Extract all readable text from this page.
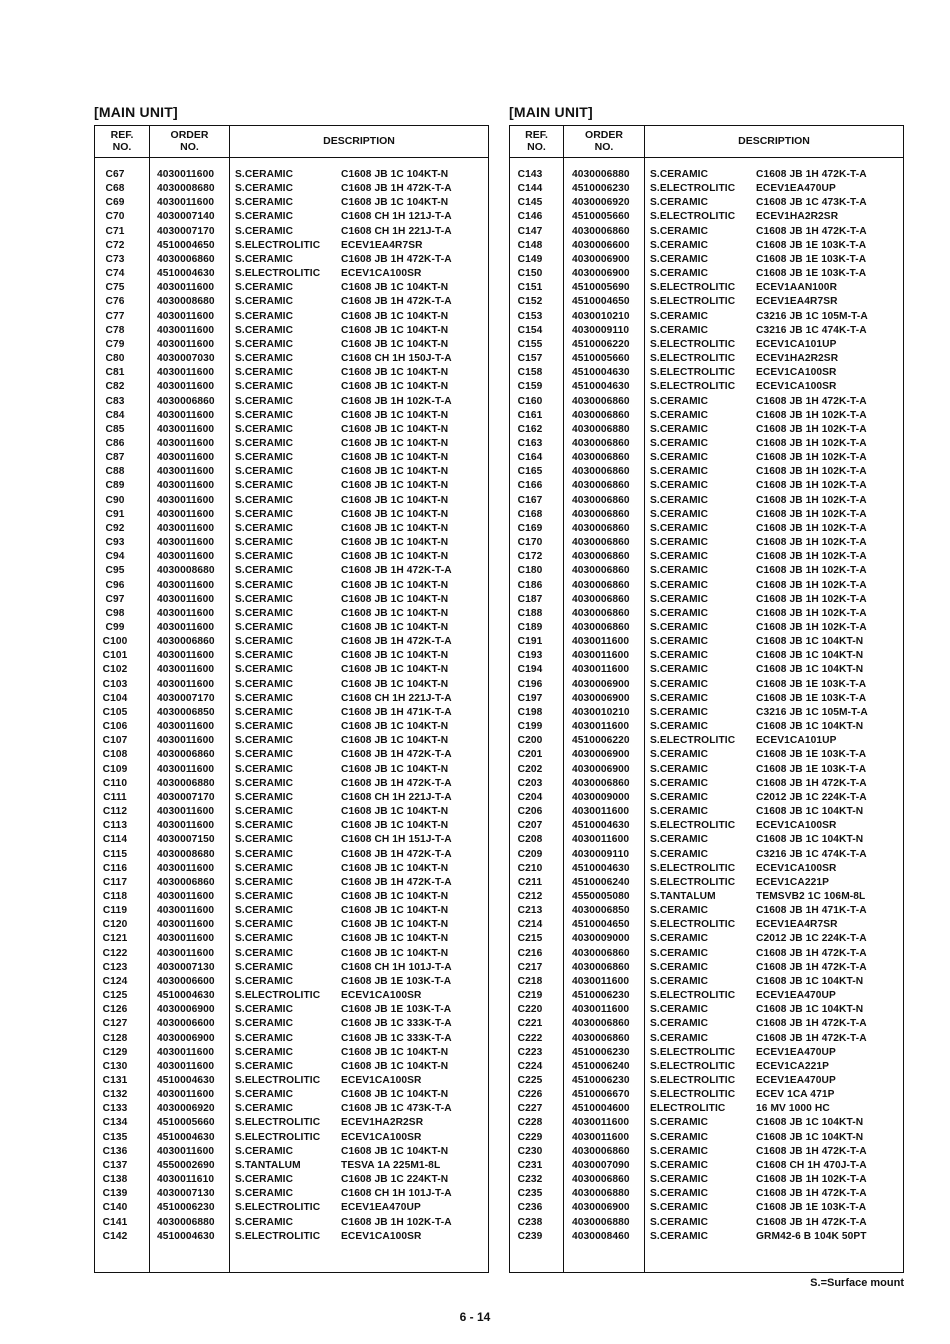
[MAIN UNIT]	[MAIN UNIT]
REF.
NO.
ORDER
NO.	DESCRIPTION
C67	4030011600 S.CERAMIC	C1608 JB 1C 104KT-N
C68	4030008680 S.CERAMIC	C1608 JB 1H 472K-T-A
C69	4030011600 S.CERAMIC	C1608 JB 1C 104KT-N
C70	4030007140 S.CERAMIC	C1608 CH 1H 121J-T-A
C71	4030007170 S.CERAMIC	C1608 CH 1H 221J-T-A
C72	4510004650 S.ELECTROLITIC ECEV1EA4R7SR
C73	4030006860 S.CERAMIC	C1608 JB 1H 472K-T-A
C74	4510004630 S.ELECTROLITIC ECEV1CA100SR
C75	4030011600 S.CERAMIC	C1608 JB 1C 104KT-N
C76	4030008680 S.CERAMIC	C1608 JB 1H 472K-T-A
C77	4030011600 S.CERAMIC	C1608 JB 1C 104KT-N
C78	4030011600 S.CERAMIC	C1608 JB 1C 104KT-N
C79	4030011600 S.CERAMIC	C1608 JB 1C 104KT-N
C80	4030007030 S.CERAMIC	C1608 CH 1H 150J-T-A
C81	4030011600 S.CERAMIC	C1608 JB 1C 104KT-N
C82	4030011600 S.CERAMIC	C1608 JB 1C 104KT-N
C83	4030006860 S.CERAMIC	C1608 JB 1H 102K-T-A
C84	4030011600 S.CERAMIC	C1608 JB 1C 104KT-N
C85	4030011600 S.CERAMIC	C1608 JB 1C 104KT-N
C86	4030011600 S.CERAMIC	C1608 JB 1C 104KT-N
C87	4030011600 S.CERAMIC	C1608 JB 1C 104KT-N
C88	4030011600 S.CERAMIC	C1608 JB 1C 104KT-N
C89	4030011600 S.CERAMIC	C1608 JB 1C 104KT-N
C90	4030011600 S.CERAMIC	C1608 JB 1C 104KT-N
C91	4030011600 S.CERAMIC	C1608 JB 1C 104KT-N
C92	4030011600 S.CERAMIC	C1608 JB 1C 104KT-N
C93	4030011600 S.CERAMIC	C1608 JB 1C 104KT-N
C94	4030011600 S.CERAMIC	C1608 JB 1C 104KT-N
C95	4030008680 S.CERAMIC	C1608 JB 1H 472K-T-A
C96	4030011600 S.CERAMIC	C1608 JB 1C 104KT-N
C97	4030011600 S.CERAMIC	C1608 JB 1C 104KT-N
C98	4030011600 S.CERAMIC	C1608 JB 1C 104KT-N
C99	4030011600 S.CERAMIC	C1608 JB 1C 104KT-N
C100	4030006860 S.CERAMIC	C1608 JB 1H 472K-T-A
C101	4030011600 S.CERAMIC	C1608 JB 1C 104KT-N
C102	4030011600 S.CERAMIC	C1608 JB 1C 104KT-N
C103	4030011600 S.CERAMIC	C1608 JB 1C 104KT-N
C104	4030007170 S.CERAMIC	C1608 CH 1H 221J-T-A
C105	4030006850 S.CERAMIC	C1608 JB 1H 471K-T-A
C106	4030011600 S.CERAMIC	C1608 JB 1C 104KT-N
C107	4030011600 S.CERAMIC	C1608 JB 1C 104KT-N
C108	4030006860 S.CERAMIC	C1608 JB 1H 472K-T-A
C109	4030011600 S.CERAMIC	C1608 JB 1C 104KT-N
C110	4030006880 S.CERAMIC	C1608 JB 1H 472K-T-A
C111	4030007170 S.CERAMIC	C1608 CH 1H 221J-T-A
C112	4030011600 S.CERAMIC	C1608 JB 1C 104KT-N
C113	4030011600 S.CERAMIC	C1608 JB 1C 104KT-N
C114	4030007150 S.CERAMIC	C1608 CH 1H 151J-T-A
C115	4030008680 S.CERAMIC	C1608 JB 1H 472K-T-A
C116	4030011600 S.CERAMIC	C1608 JB 1C 104KT-N
C117	4030006860 S.CERAMIC	C1608 JB 1H 472K-T-A
C118	4030011600 S.CERAMIC	C1608 JB 1C 104KT-N
C119	4030011600 S.CERAMIC	C1608 JB 1C 104KT-N
C120	4030011600 S.CERAMIC	C1608 JB 1C 104KT-N
C121	4030011600 S.CERAMIC	C1608 JB 1C 104KT-N
C122	4030011600 S.CERAMIC	C1608 JB 1C 104KT-N
C123	4030007130 S.CERAMIC	C1608 CH 1H 101J-T-A
C124	4030006600 S.CERAMIC	C1608 JB 1E 103K-T-A
C125	4510004630 S.ELECTROLITIC ECEV1CA100SR
C126	4030006900 S.CERAMIC	C1608 JB 1E 103K-T-A
C127	4030006600 S.CERAMIC	C1608 JB 1C 333K-T-A
C128	4030006900 S.CERAMIC	C1608 JB 1C 333K-T-A
C129	4030011600 S.CERAMIC	C1608 JB 1C 104KT-N
C130	4030011600 S.CERAMIC	C1608 JB 1C 104KT-N
C131	4510004630 S.ELECTROLITIC ECEV1CA100SR
C132	4030011600 S.CERAMIC	C1608 JB 1C 104KT-N
C133	4030006920 S.CERAMIC	C1608 JB 1C 473K-T-A
C134	4510005660 S.ELECTROLITIC ECEV1HA2R2SR
C135	4510004630 S.ELECTROLITIC ECEV1CA100SR
C136	4030011600 S.CERAMIC	C1608 JB 1C 104KT-N
C137	4550002690 S.TANTALUM	TESVA 1A 225M1-8L
C138	4030011610 S.CERAMIC	C1608 JB 1C 224KT-N
C139	4030007130 S.CERAMIC	C1608 CH 1H 101J-T-A
C140	4510006230 S.ELECTROLITIC ECEV1EA470UP
C141	4030006880 S.CERAMIC	C1608 JB 1H 102K-T-A
C142	4510004630 S.ELECTROLITIC ECEV1CA100SR
REF.
NO.
ORDER
NO.	DESCRIPTION
C143	4030006880 S.CERAMIC	C1608 JB 1H 472K-T-A
C144	4510006230 S.ELECTROLITIC ECEV1EA470UP
C145	4030006920 S.CERAMIC	C1608 JB 1C 473K-T-A
C146	4510005660 S.ELECTROLITIC ECEV1HA2R2SR
C147	4030006860 S.CERAMIC	C1608 JB 1H 472K-T-A
C148	4030006600 S.CERAMIC	C1608 JB 1E 103K-T-A
C149	4030006900 S.CERAMIC	C1608 JB 1E 103K-T-A
C150	4030006900 S.CERAMIC	C1608 JB 1E 103K-T-A
C151	4510005690 S.ELECTROLITIC ECEV1AAN100R
C152	4510004650 S.ELECTROLITIC ECEV1EA4R7SR
C153	4030010210 S.CERAMIC	C3216 JB 1C 105M-T-A
C154	4030009110 S.CERAMIC	C3216 JB 1C 474K-T-A
C155	4510006220 S.ELECTROLITIC ECEV1CA101UP
C157	4510005660 S.ELECTROLITIC ECEV1HA2R2SR
C158	4510004630 S.ELECTROLITIC ECEV1CA100SR
C159	4510004630 S.ELECTROLITIC ECEV1CA100SR
C160	4030006860 S.CERAMIC	C1608 JB 1H 472K-T-A
C161	4030006860 S.CERAMIC	C1608 JB 1H 102K-T-A
C162	4030006880 S.CERAMIC	C1608 JB 1H 102K-T-A
C163	4030006860 S.CERAMIC	C1608 JB 1H 102K-T-A
C164	4030006860 S.CERAMIC	C1608 JB 1H 102K-T-A
C165	4030006860 S.CERAMIC	C1608 JB 1H 102K-T-A
C166	4030006860 S.CERAMIC	C1608 JB 1H 102K-T-A
C167	4030006860 S.CERAMIC	C1608 JB 1H 102K-T-A
C168	4030006860 S.CERAMIC	C1608 JB 1H 102K-T-A
C169	4030006860 S.CERAMIC	C1608 JB 1H 102K-T-A
C170	4030006860 S.CERAMIC	C1608 JB 1H 102K-T-A
C172	4030006860 S.CERAMIC	C1608 JB 1H 102K-T-A
C180	4030006860 S.CERAMIC	C1608 JB 1H 102K-T-A
C186	4030006860 S.CERAMIC	C1608 JB 1H 102K-T-A
C187	4030006860 S.CERAMIC	C1608 JB 1H 102K-T-A
C188	4030006860 S.CERAMIC	C1608 JB 1H 102K-T-A
C189	4030006860 S.CERAMIC	C1608 JB 1H 102K-T-A
C191	4030011600 S.CERAMIC	C1608 JB 1C 104KT-N
C193	4030011600 S.CERAMIC	C1608 JB 1C 104KT-N
C194	4030011600 S.CERAMIC	C1608 JB 1C 104KT-N
C196	4030006900 S.CERAMIC	C1608 JB 1E 103K-T-A
C197	4030006900 S.CERAMIC	C1608 JB 1E 103K-T-A
C198	4030010210 S.CERAMIC	C3216 JB 1C 105M-T-A
C199	4030011600 S.CERAMIC	C1608 JB 1C 104KT-N
C200	4510006220 S.ELECTROLITIC ECEV1CA101UP
C201	4030006900 S.CERAMIC	C1608 JB 1E 103K-T-A
C202	4030006900 S.CERAMIC	C1608 JB 1E 103K-T-A
C203	4030006860 S.CERAMIC	C1608 JB 1H 472K-T-A
C204	4030009000 S.CERAMIC	C2012 JB 1C 224K-T-A
C206	4030011600 S.CERAMIC	C1608 JB 1C 104KT-N
C207	4510004630 S.ELECTROLITIC ECEV1CA100SR
C208	4030011600 S.CERAMIC	C1608 JB 1C 104KT-N
C209	4030009110 S.CERAMIC	C3216 JB 1C 474K-T-A
C210	4510004630 S.ELECTROLITIC ECEV1CA100SR
C211	4510006240 S.ELECTROLITIC ECEV1CA221P
C212	4550005080 S.TANTALUM	TEMSVB2 1C 106M-8L
C213	4030006850 S.CERAMIC	C1608 JB 1H 471K-T-A
C214	4510004650 S.ELECTROLITIC ECEV1EA4R7SR
C215	4030009000 S.CERAMIC	C2012 JB 1C 224K-T-A
C216	4030006860 S.CERAMIC	C1608 JB 1H 472K-T-A
C217	4030006860 S.CERAMIC	C1608 JB 1H 472K-T-A
C218	4030011600 S.CERAMIC	C1608 JB 1C 104KT-N
C219	4510006230 S.ELECTROLITIC ECEV1EA470UP
C220	4030011600 S.CERAMIC	C1608 JB 1C 104KT-N
C221	4030006860 S.CERAMIC	C1608 JB 1H 472K-T-A
C222	4030006860 S.CERAMIC	C1608 JB 1H 472K-T-A
C223	4510006230 S.ELECTROLITIC ECEV1EA470UP
C224	4510006240 S.ELECTROLITIC ECEV1CA221P
C225	4510006230 S.ELECTROLITIC ECEV1EA470UP
C226	4510006670 S.ELECTROLITIC ECEV 1CA 471P
C227	4510004600 ELECTROLITIC	16 MV 1000 HC
C228	4030011600 S.CERAMIC	C1608 JB 1C 104KT-N
C229	4030011600 S.CERAMIC	C1608 JB 1C 104KT-N
C230	4030006860 S.CERAMIC	C1608 JB 1H 472K-T-A
C231	4030007090 S.CERAMIC	C1608 CH 1H 470J-T-A
C232	4030006860 S.CERAMIC	C1608 JB 1H 102K-T-A
C235	4030006880 S.CERAMIC	C1608 JB 1H 472K-T-A
C236	4030006900 S.CERAMIC	C1608 JB 1E 103K-T-A
C238	4030006880 S.CERAMIC	C1608 JB 1H 472K-T-A
C239	4030008460 S.CERAMIC	GRM42-6 B 104K 50PT
S.=Surface mount
6 - 14
